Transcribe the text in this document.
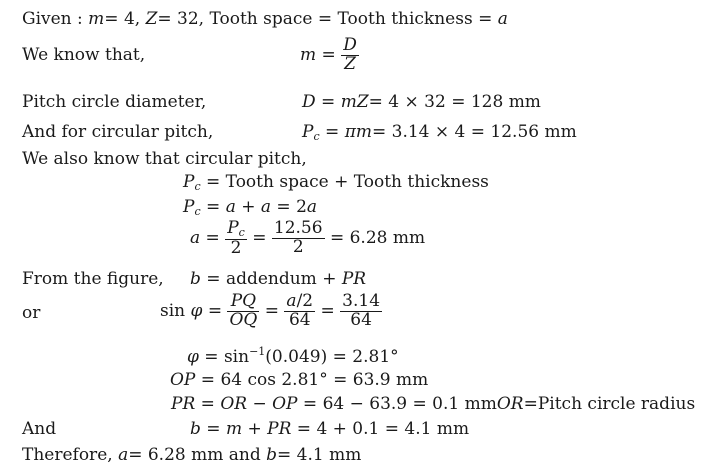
Given : m= 4, Z= 32, Tooth space = Tooth thickness = a
We know that,	$m = \frac{D}{Z}$
Pitch circle diameter,	D = mZ= 4 × 32 = 128 mm
And for circular pitch,	$P_c = \pi m= 3.14 \times 4 = 12.56$ mm
We also know that circular pitch,
$P_c$ = Tooth space + Tooth thickness
$P_c = a + a = 2a$
$a = \frac{P_c}{2} = \frac{12.56}{2} = 6.28$ mm
From the figure, b = addendum + PR
or	$\sin \varphi = \frac{PQ}{OQ} = \frac{a/2}{64} = \frac{3.14}{64}$
$\varphi = \sin^{-1}(0.049) = 2.81^\circ$
OP = 64 cos 2.81° = 63.9 mm
PR = OR − OP = 64 − 63.9 = 0.1 mmOR=Pitch circle radius
And	b = m + PR = 4 + 0.1 = 4.1 mm
Therefore, a= 6.28 mm and b= 4.1 mm
